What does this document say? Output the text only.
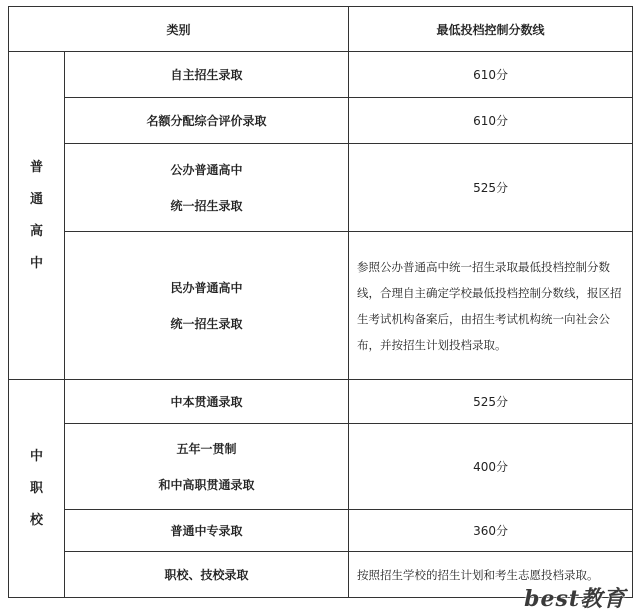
类别		最低投档控制分数线

普
通
高
中	自主招生录取	610分

	名额分配综合评价录取	610分

	公办普通高中
统一招生录取	525分

	民办普通高中
统一招生录取	参照公办普通高中统一招生录取最低投档控制分数线，合理自主确定学校最低投档控制分数线，报区招生考试机构备案后，由招生考试机构统一向社会公布，并按招生计划投档录取。

中
职
校	中本贯通录取	525分

	五年一贯制
和中高职贯通录取	400分

	普通中专录取	360分

	职校、技校录取	按照招生学校的招生计划和考生志愿投档录取。
best教育
